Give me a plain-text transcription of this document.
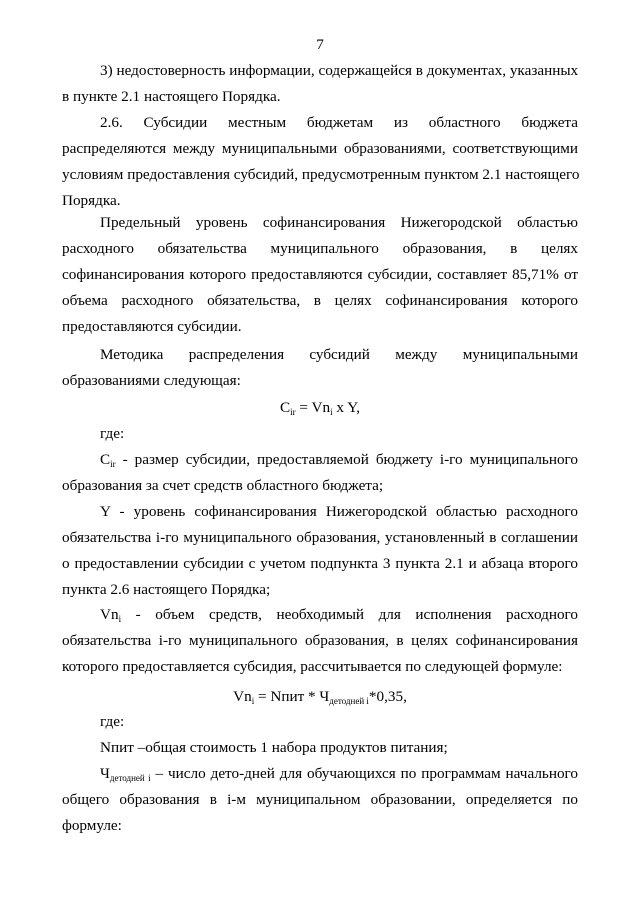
7
3) недостоверность информации, содержащейся в документах, указанных
в пункте 2.1 настоящего Порядка.
2.6. Субсидии местным бюджетам из областного бюджета
распределяются между муниципальными образованиями, соответствующими
условиям предоставления субсидий, предусмотренным пунктом 2.1 настоящего
Порядка.
Предельный уровень софинансирования Нижегородской областью
расходного обязательства муниципального образования, в целях
софинансирования которого предоставляются субсидии, составляет 85,71% от
объема расходного обязательства, в целях софинансирования которого
предоставляются субсидии.
Методика распределения субсидий между муниципальными
образованиями следующая:
$C_{ir} = Vn_i$ x Y,
где:
$C_{ir}$ - размер субсидии, предоставляемой бюджету i-го муниципального
образования за счет средств областного бюджета;
Y - уровень софинансирования Нижегородской областью расходного
обязательства i-го муниципального образования, установленный в соглашении
о предоставлении субсидии с учетом подпункта 3 пункта 2.1 и абзаца второго
пункта 2.6 настоящего Порядка;
$Vn_i$ - объем средств, необходимый для исполнения расходного
обязательства i-го муниципального образования, в целях софинансирования
которого предоставляется субсидия, рассчитывается по следующей формуле:
$Vn_i$ = Nпит * $Ч_{детодней i}*0,35$,
где:
Nпит –общая стоимость 1 набора продуктов питания;
$Ч_{детодней i}$ – число дето-дней для обучающихся по программам начального
общего образования в i-м муниципальном образовании, определяется по
формуле:
